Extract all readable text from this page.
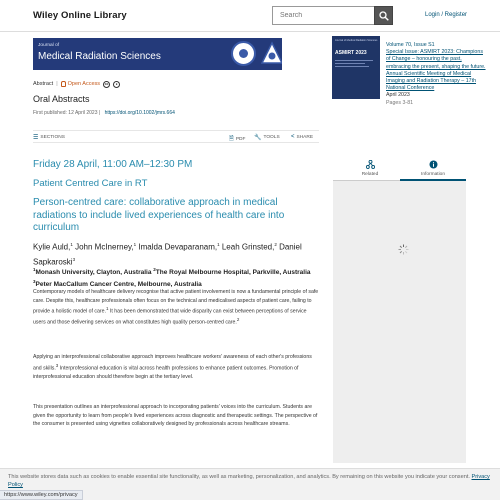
Wiley Online Library
Search	Login / Register
Journal of
Medical Radiation Sciences
Abstract | Open Access	cc	●
Oral Abstracts
First published: 12 April 2023 | https://doi.org/10.1002/jmrs.664
☰ SECTIONS	🗎 PDF 🔧 TOOLS < SHARE
Friday 28 April, 11:00 AM–12:30 PM
Patient Centred Care in RT
Person-centred care: collaborative approach in medical radiations to include lived experiences of health care into curriculum
Kylie Auld,$^1$ John McInerney,$^1$ Imalda Devaparanam,$^1$ Leah Grinsted,$^2$ Daniel Sapkaroski$^3$
$^1$Monash University, Clayton, Australia $^2$The Royal Melbourne Hospital, Parkville, Australia $^3$Peter MacCallum Cancer Centre, Melbourne, Australia
Contemporary models of healthcare delivery recognise that active patient involvement is now a fundamental principle of safe care. Despite this, healthcare professionals often focus on the technical and medicalised aspects of patient care, failing to provide a holistic model of care.$^1$ It has been demonstrated that wide disparity can exist between perceptions of service users and those delivering services on what constitutes high quality person-centred care.$^2$
Applying an interprofessional collaborative approach improves healthcare workers' awareness of each other's professions and skills.$^3$ Interprofessional education is vital across health professions to enhance patient outcomes. Promotion of interprofessional education should therefore begin at the tertiary level.
This presentation outlines an interprofessional approach to incorporating patients' voices into the curriculum. Students are given the opportunity to learn from people's lived experiences across diagnostic and therapeutic settings. The perspective of the consumer is presented using vignettes collaboratively designed by professionals across healthcare streams.
Journal of Medical Radiation Sciences
ASMIRT 2023
Volume 70, Issue S1
Special Issue: ASMIRT 2023: Champions of Change – honouring the past, embracing the present, shaping the future. Annual Scientific Meeting of Medical Imaging and Radiation Therapy – 17th National Conference
April 2023
Pages 3-81
Related	Information
This website stores data such as cookies to enable essential site functionality, as well as marketing, personalization, and analytics. By remaining on this website you indicate your consent. Privacy Policy
https://www.wiley.com/privacy
